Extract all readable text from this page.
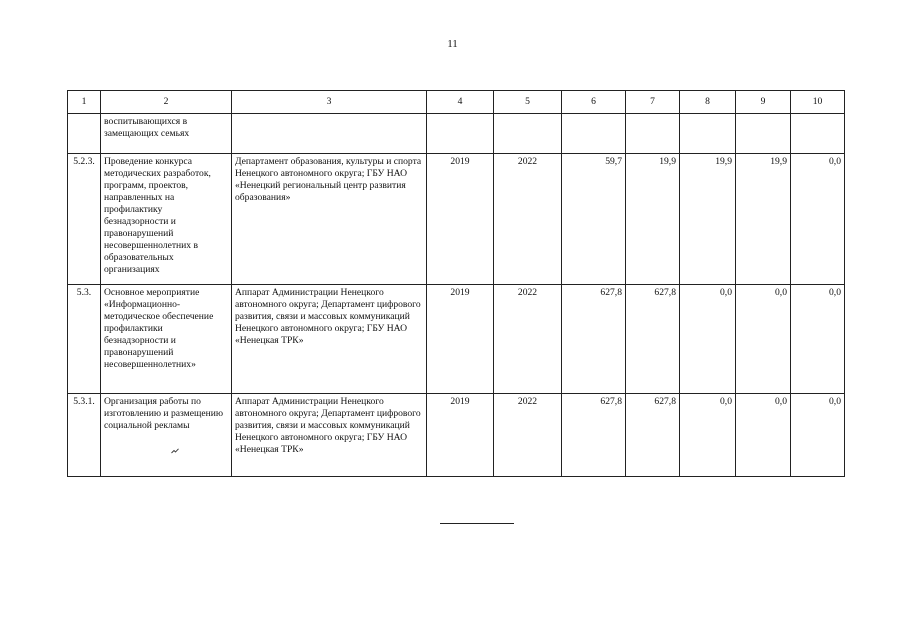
11
1	2	3	4	5	6	7	8	9	10
	воспитывающихся в замещающих семьях								
5.2.3.	Проведение конкурса методических разработок, программ, проектов, направленных на профилактику безнадзорности и правонарушений несовершеннолетних в образовательных организациях	Департамент образования, культуры и спорта Ненецкого автономного округа; ГБУ НАО «Ненецкий региональный центр развития образования»	2019	2022	59,7	19,9	19,9	19,9	0,0
5.3.	Основное мероприятие «Информационно-методическое обеспечение профилактики безнадзорности и правонарушений несовершеннолетних»	Аппарат Администрации Ненецкого автономного округа; Департамент цифрового развития, связи и массовых коммуникаций Ненецкого автономного округа; ГБУ НАО «Ненецкая ТРК»	2019	2022	627,8	627,8	0,0	0,0	0,0
5.3.1.	Организация работы по изготовлению и размещению социальной рекламы	Аппарат Администрации Ненецкого автономного округа; Департамент цифрового развития, связи и массовых коммуникаций Ненецкого автономного округа; ГБУ НАО «Ненецкая ТРК»	2019	2022	627,8	627,8	0,0	0,0	0,0
